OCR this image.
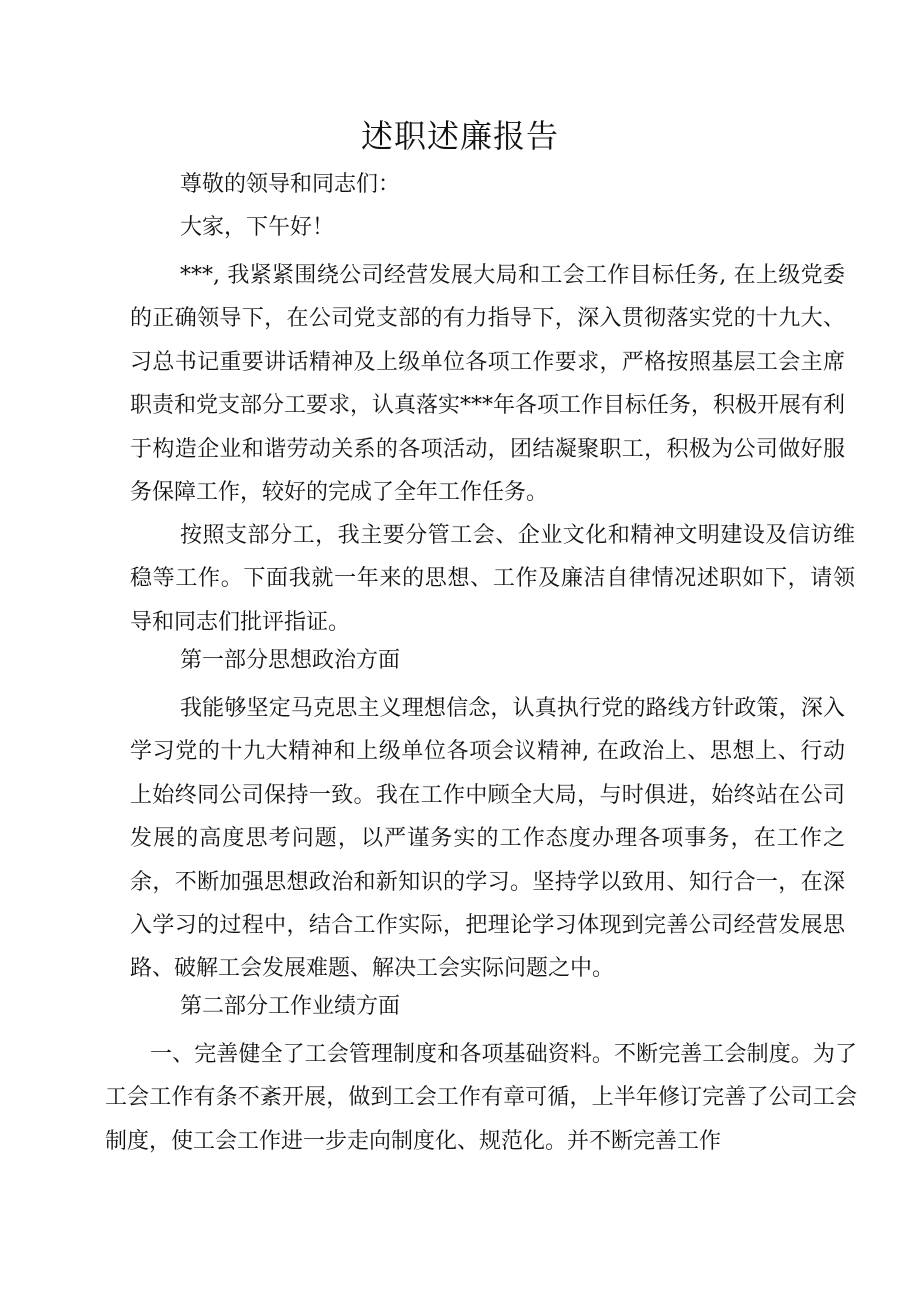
述职述廉报告

尊敬的领导和同志们：

大家，下午好！

***, 我紧紧围绕公司经营发展大局和工会工作目标任务, 在上级党委的正确领导下，在公司党支部的有力指导下，深入贯彻落实党的十九大、习总书记重要讲话精神及上级单位各项工作要求，严格按照基层工会主席职责和党支部分工要求，认真落实***年各项工作目标任务，积极开展有利于构造企业和谐劳动关系的各项活动，团结凝聚职工，积极为公司做好服务保障工作，较好的完成了全年工作任务。

按照支部分工，我主要分管工会、企业文化和精神文明建设及信访维稳等工作。下面我就一年来的思想、工作及廉洁自律情况述职如下，请领导和同志们批评指证。

第一部分思想政治方面

我能够坚定马克思主义理想信念，认真执行党的路线方针政策，深入学习党的十九大精神和上级单位各项会议精神, 在政治上、思想上、行动上始终同公司保持一致。我在工作中顾全大局，与时俱进，始终站在公司发展的高度思考问题，以严谨务实的工作态度办理各项事务，在工作之余，不断加强思想政治和新知识的学习。坚持学以致用、知行合一，在深入学习的过程中，结合工作实际，把理论学习体现到完善公司经营发展思路、破解工会发展难题、解决工会实际问题之中。

第二部分工作业绩方面

一、完善健全了工会管理制度和各项基础资料。不断完善工会制度。为了工会工作有条不紊开展，做到工会工作有章可循，上半年修订完善了公司工会制度，使工会工作进一步走向制度化、规范化。并不断完善工作
